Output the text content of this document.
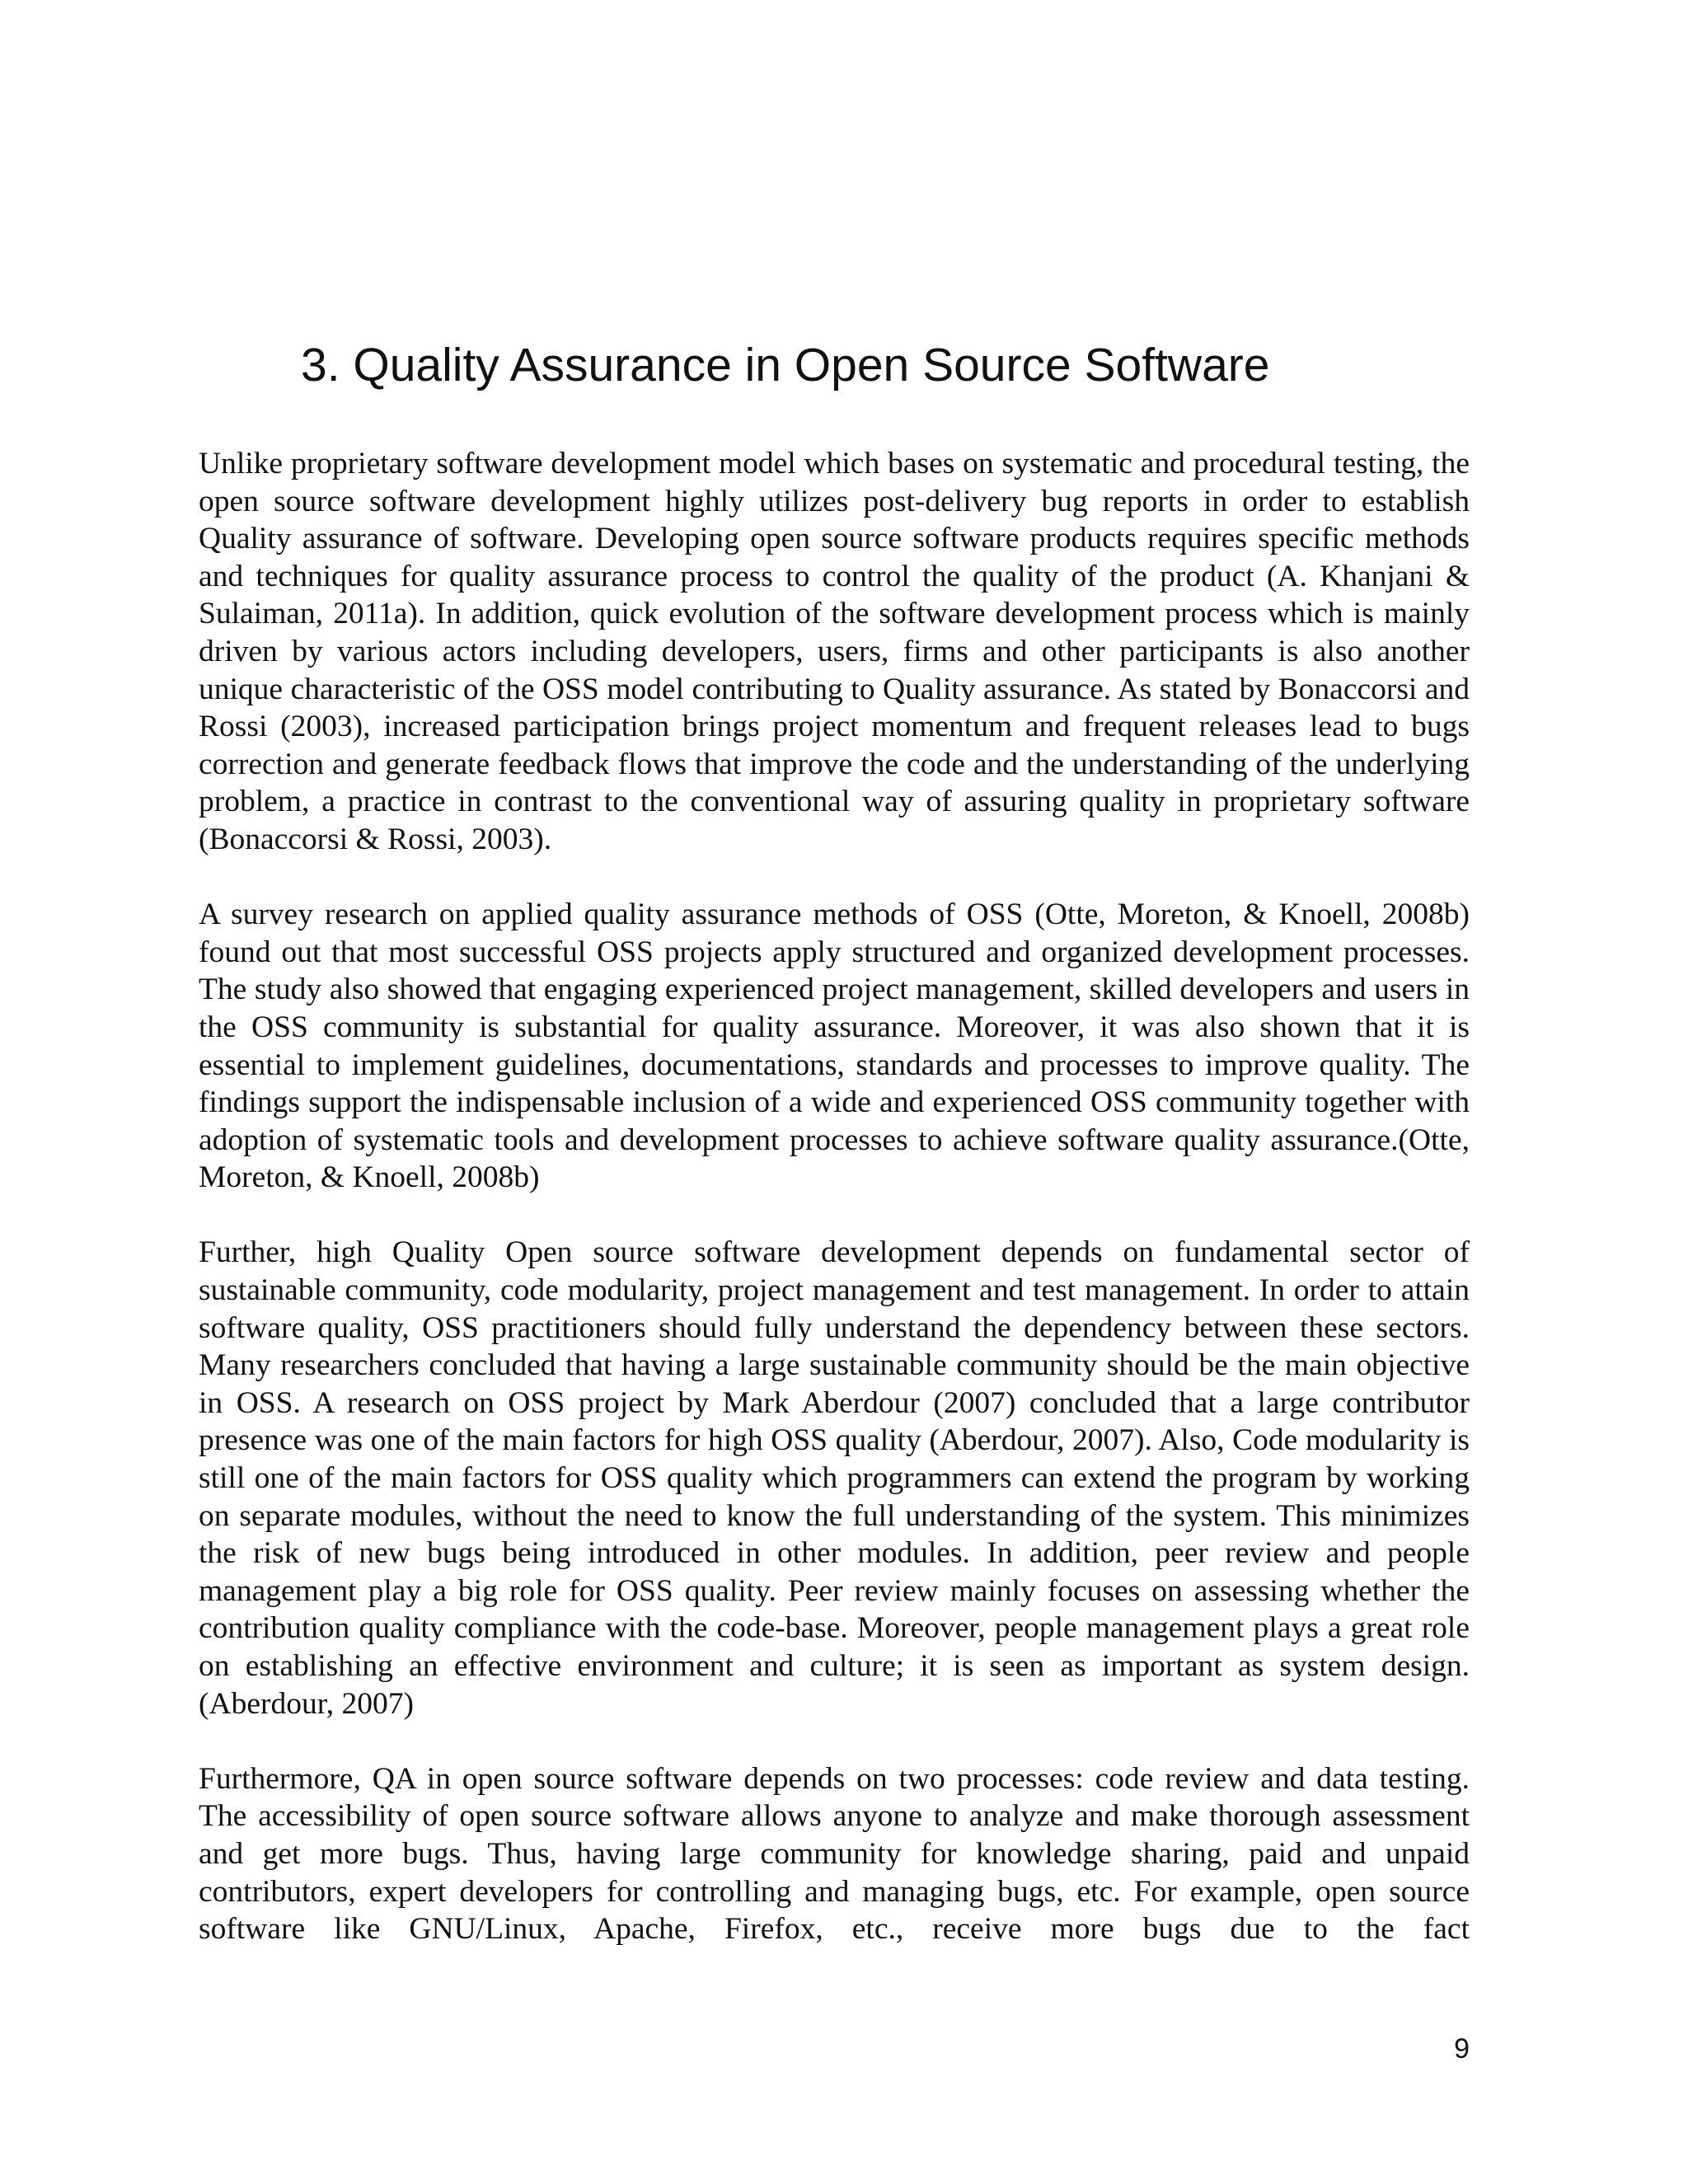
3. Quality Assurance in Open Source Software

Unlike proprietary software development model which bases on systematic and procedural testing, the open source software development highly utilizes post-delivery bug reports in order to establish Quality assurance of software. Developing open source software products requires specific methods and techniques for quality assurance process to control the quality of the product (A. Khanjani & Sulaiman, 2011a). In addition, quick evolution of the software development process which is mainly driven by various actors including developers, users, firms and other participants is also another unique characteristic of the OSS model contributing to Quality assurance. As stated by Bonaccorsi and Rossi (2003), increased participation brings project momentum and frequent releases lead to bugs correction and generate feedback flows that improve the code and the understanding of the underlying problem, a practice in contrast to the conventional way of assuring quality in proprietary software (Bonaccorsi & Rossi, 2003).

A survey research on applied quality assurance methods of OSS (Otte, Moreton, & Knoell, 2008b) found out that most successful OSS projects apply structured and organized development processes. The study also showed that engaging experienced project management, skilled developers and users in the OSS community is substantial for quality assurance. Moreover, it was also shown that it is essential to implement guidelines, documentations, standards and processes to improve quality. The findings support the indispensable inclusion of a wide and experienced OSS community together with adoption of systematic tools and development processes to achieve software quality assurance.(Otte, Moreton, & Knoell, 2008b)

Further, high Quality Open source software development depends on fundamental sector of sustainable community, code modularity, project management and test management. In order to attain software quality, OSS practitioners should fully understand the dependency between these sectors. Many researchers concluded that having a large sustainable community should be the main objective in OSS. A research on OSS project by Mark Aberdour (2007) concluded that a large contributor presence was one of the main factors for high OSS quality (Aberdour, 2007). Also, Code modularity is still one of the main factors for OSS quality which programmers can extend the program by working on separate modules, without the need to know the full understanding of the system. This minimizes the risk of new bugs being introduced in other modules. In addition, peer review and people management play a big role for OSS quality. Peer review mainly focuses on assessing whether the contribution quality compliance with the code-base. Moreover, people management plays a great role on establishing an effective environment and culture; it is seen as important as system design. (Aberdour, 2007)

Furthermore, QA in open source software depends on two processes: code review and data testing. The accessibility of open source software allows anyone to analyze and make thorough assessment and get more bugs. Thus, having large community for knowledge sharing, paid and unpaid contributors, expert developers for controlling and managing bugs, etc. For example, open source software like GNU/Linux, Apache, Firefox, etc., receive more bugs due to the fact

9
